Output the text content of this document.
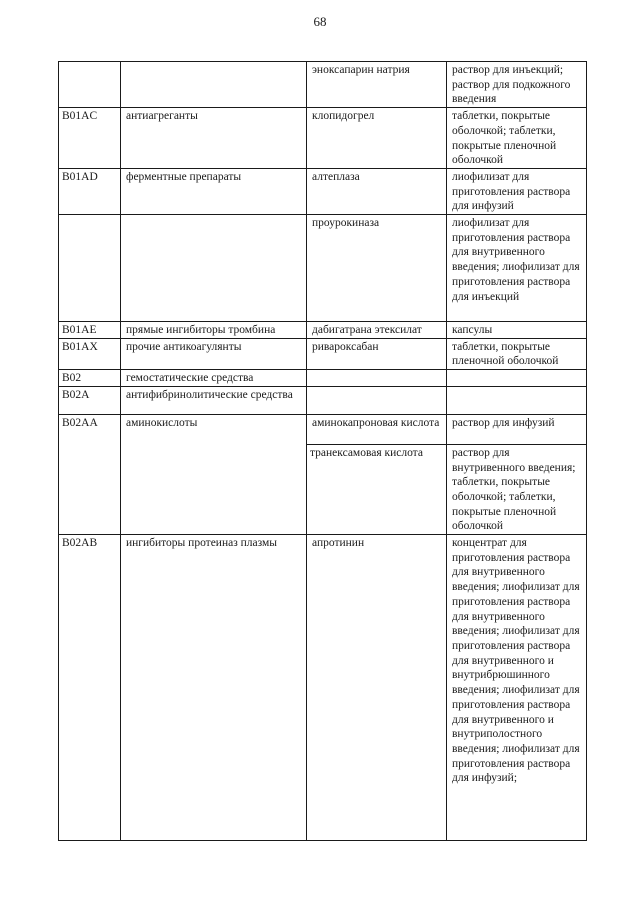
68
		эноксапарин натрия	раствор для инъекций; раствор для подкожного введения
B01AC	антиагреганты	клопидогрел	таблетки, покрытые оболочкой; таблетки, покрытые пленочной оболочкой
B01AD	ферментные препараты	алтеплаза	лиофилизат для приготовления раствора для инфузий
		проурокиназа	лиофилизат для приготовления раствора для внутривенного введения; лиофилизат для приготовления раствора для инъекций
B01AE	прямые ингибиторы тромбина	дабигатрана этексилат	капсулы
B01AX	прочие антикоагулянты	ривароксабан	таблетки, покрытые пленочной оболочкой
B02	гемостатические средства		
B02A	антифибринолитические средства		
B02AA	аминокислоты	аминокапроновая кислота	раствор для инфузий
		транексамовая кислота	раствор для внутривенного введения; таблетки, покрытые оболочкой; таблетки, покрытые пленочной оболочкой
B02AB	ингибиторы протеиназ плазмы	апротинин	концентрат для приготовления раствора для внутривенного введения; лиофилизат для приготовления раствора для внутривенного введения; лиофилизат для приготовления раствора для внутривенного и внутрибрюшинного введения; лиофилизат для приготовления раствора для внутривенного и внутриполостного введения; лиофилизат для приготовления раствора для инфузий;
